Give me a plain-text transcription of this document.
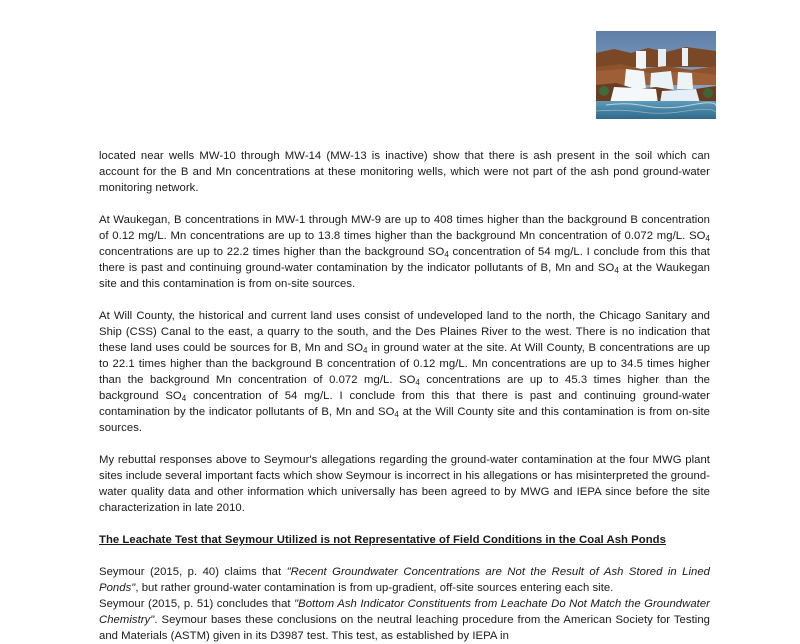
located near wells MW-10 through MW-14 (MW-13 is inactive) show that there is ash present in the soil which can account for the B and Mn concentrations at these monitoring wells, which were not part of the ash pond ground-water monitoring network.

At Waukegan, B concentrations in MW-1 through MW-9 are up to 408 times higher than the background B concentration of 0.12 mg/L. Mn concentrations are up to 13.8 times higher than the background Mn concentration of 0.072 mg/L. $SO_4$ concentrations are up to 22.2 times higher than the background $SO_4$ concentration of 54 mg/L. I conclude from this that there is past and continuing ground-water contamination by the indicator pollutants of B, Mn and $SO_4$ at the Waukegan site and this contamination is from on-site sources.

At Will County, the historical and current land uses consist of undeveloped land to the north, the Chicago Sanitary and Ship (CSS) Canal to the east, a quarry to the south, and the Des Plaines River to the west. There is no indication that these land uses could be sources for B, Mn and $SO_4$ in ground water at the site. At Will County, B concentrations are up to 22.1 times higher than the background B concentration of 0.12 mg/L. Mn concentrations are up to 34.5 times higher than the background Mn concentration of 0.072 mg/L. $SO_4$ concentrations are up to 45.3 times higher than the background $SO_4$ concentration of 54 mg/L. I conclude from this that there is past and continuing ground-water contamination by the indicator pollutants of B, Mn and $SO_4$ at the Will County site and this contamination is from on-site sources.

My rebuttal responses above to Seymour's allegations regarding the ground-water contamination at the four MWG plant sites include several important facts which show Seymour is incorrect in his allegations or has misinterpreted the ground-water quality data and other information which universally has been agreed to by MWG and IEPA since before the site characterization in late 2010.

The Leachate Test that Seymour Utilized is not Representative of Field Conditions in the Coal Ash Ponds

Seymour (2015, p. 40) claims that "Recent Groundwater Concentrations are Not the Result of Ash Stored in Lined Ponds", but rather ground-water contamination is from up-gradient, off-site sources entering each site.

Seymour (2015, p. 51) concludes that "Bottom Ash Indicator Constituents from Leachate Do Not Match the Groundwater Chemistry". Seymour bases these conclusions on the neutral leaching procedure from the American Society for Testing and Materials (ASTM) given in its D3987 test. This test, as established by IEPA in
